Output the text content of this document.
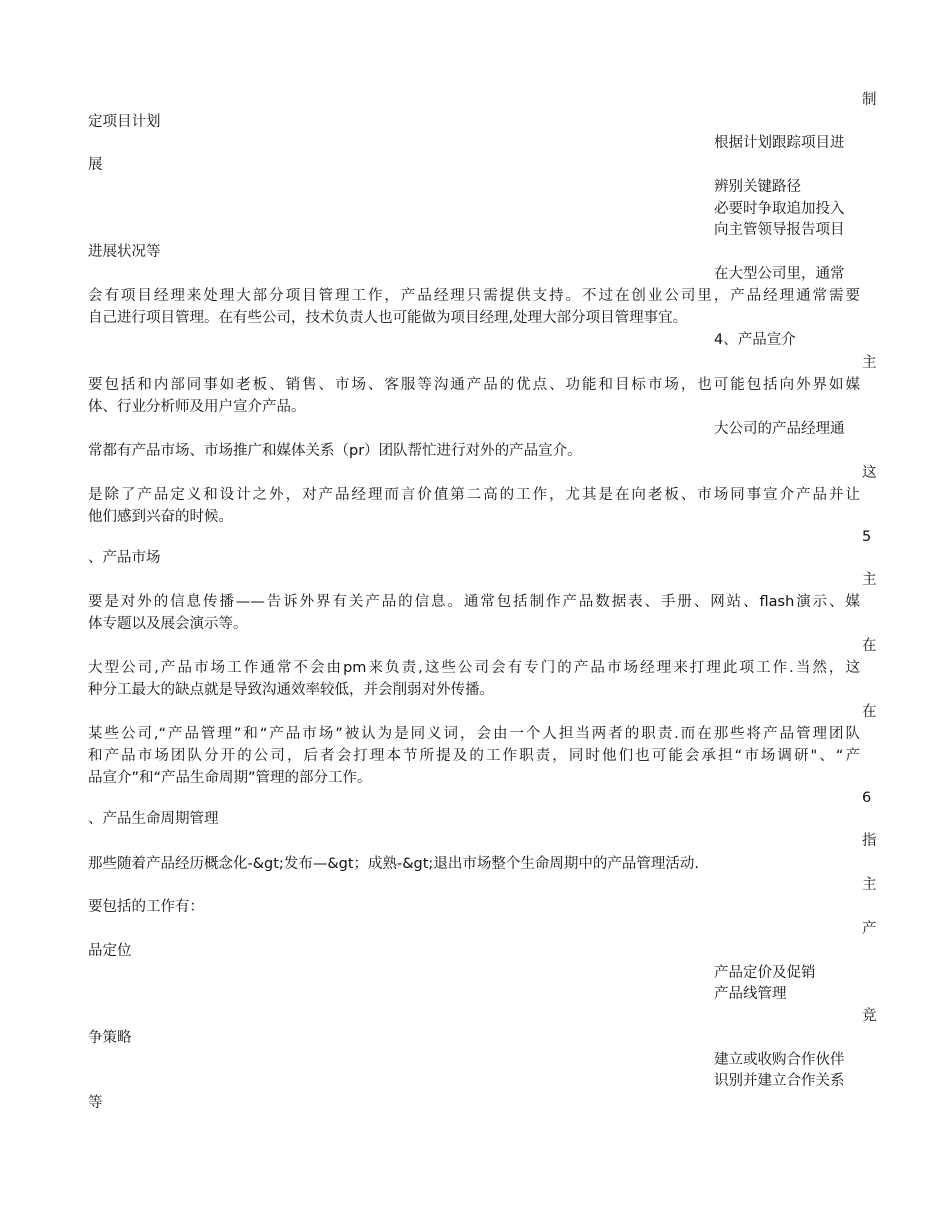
制
定项目计划
根据计划跟踪项目进
展
辨别关键路径
必要时争取追加投入
向主管领导报告项目
进展状况等
在大型公司里，通常
会有项目经理来处理大部分项目管理工作，产品经理只需提供支持。不过在创业公司里，产品经理通常需要
自己进行项目管理。在有些公司，技术负责人也可能做为项目经理,处理大部分项目管理事宜。
4、产品宣介
主
要包括和内部同事如老板、销售、市场、客服等沟通产品的优点、功能和目标市场，也可能包括向外界如媒
体、行业分析师及用户宣介产品。
大公司的产品经理通
常都有产品市场、市场推广和媒体关系（pr）团队帮忙进行对外的产品宣介。
这
是除了产品定义和设计之外，对产品经理而言价值第二高的工作，尤其是在向老板、市场同事宣介产品并让
他们感到兴奋的时候。
5
、产品市场
主
要是对外的信息传播——告诉外界有关产品的信息。通常包括制作产品数据表、手册、网站、flash演示、媒
体专题以及展会演示等。
在
大型公司,产品市场工作通常不会由pm来负责,这些公司会有专门的产品市场经理来打理此项工作.当然，这
种分工最大的缺点就是导致沟通效率较低，并会削弱对外传播。
在
某些公司,“产品管理”和“产品市场”被认为是同义词，会由一个人担当两者的职责.而在那些将产品管理团队
和产品市场团队分开的公司，后者会打理本节所提及的工作职责，同时他们也可能会承担“市场调研"、“产
品宣介”和“产品生命周期”管理的部分工作。
6
、产品生命周期管理
指
那些随着产品经历概念化-&gt;发布—&gt；成熟-&gt;退出市场整个生命周期中的产品管理活动.
主
要包括的工作有：
产
品定位
产品定价及促销
产品线管理
竞
争策略
建立或收购合作伙伴
识别并建立合作关系
等
